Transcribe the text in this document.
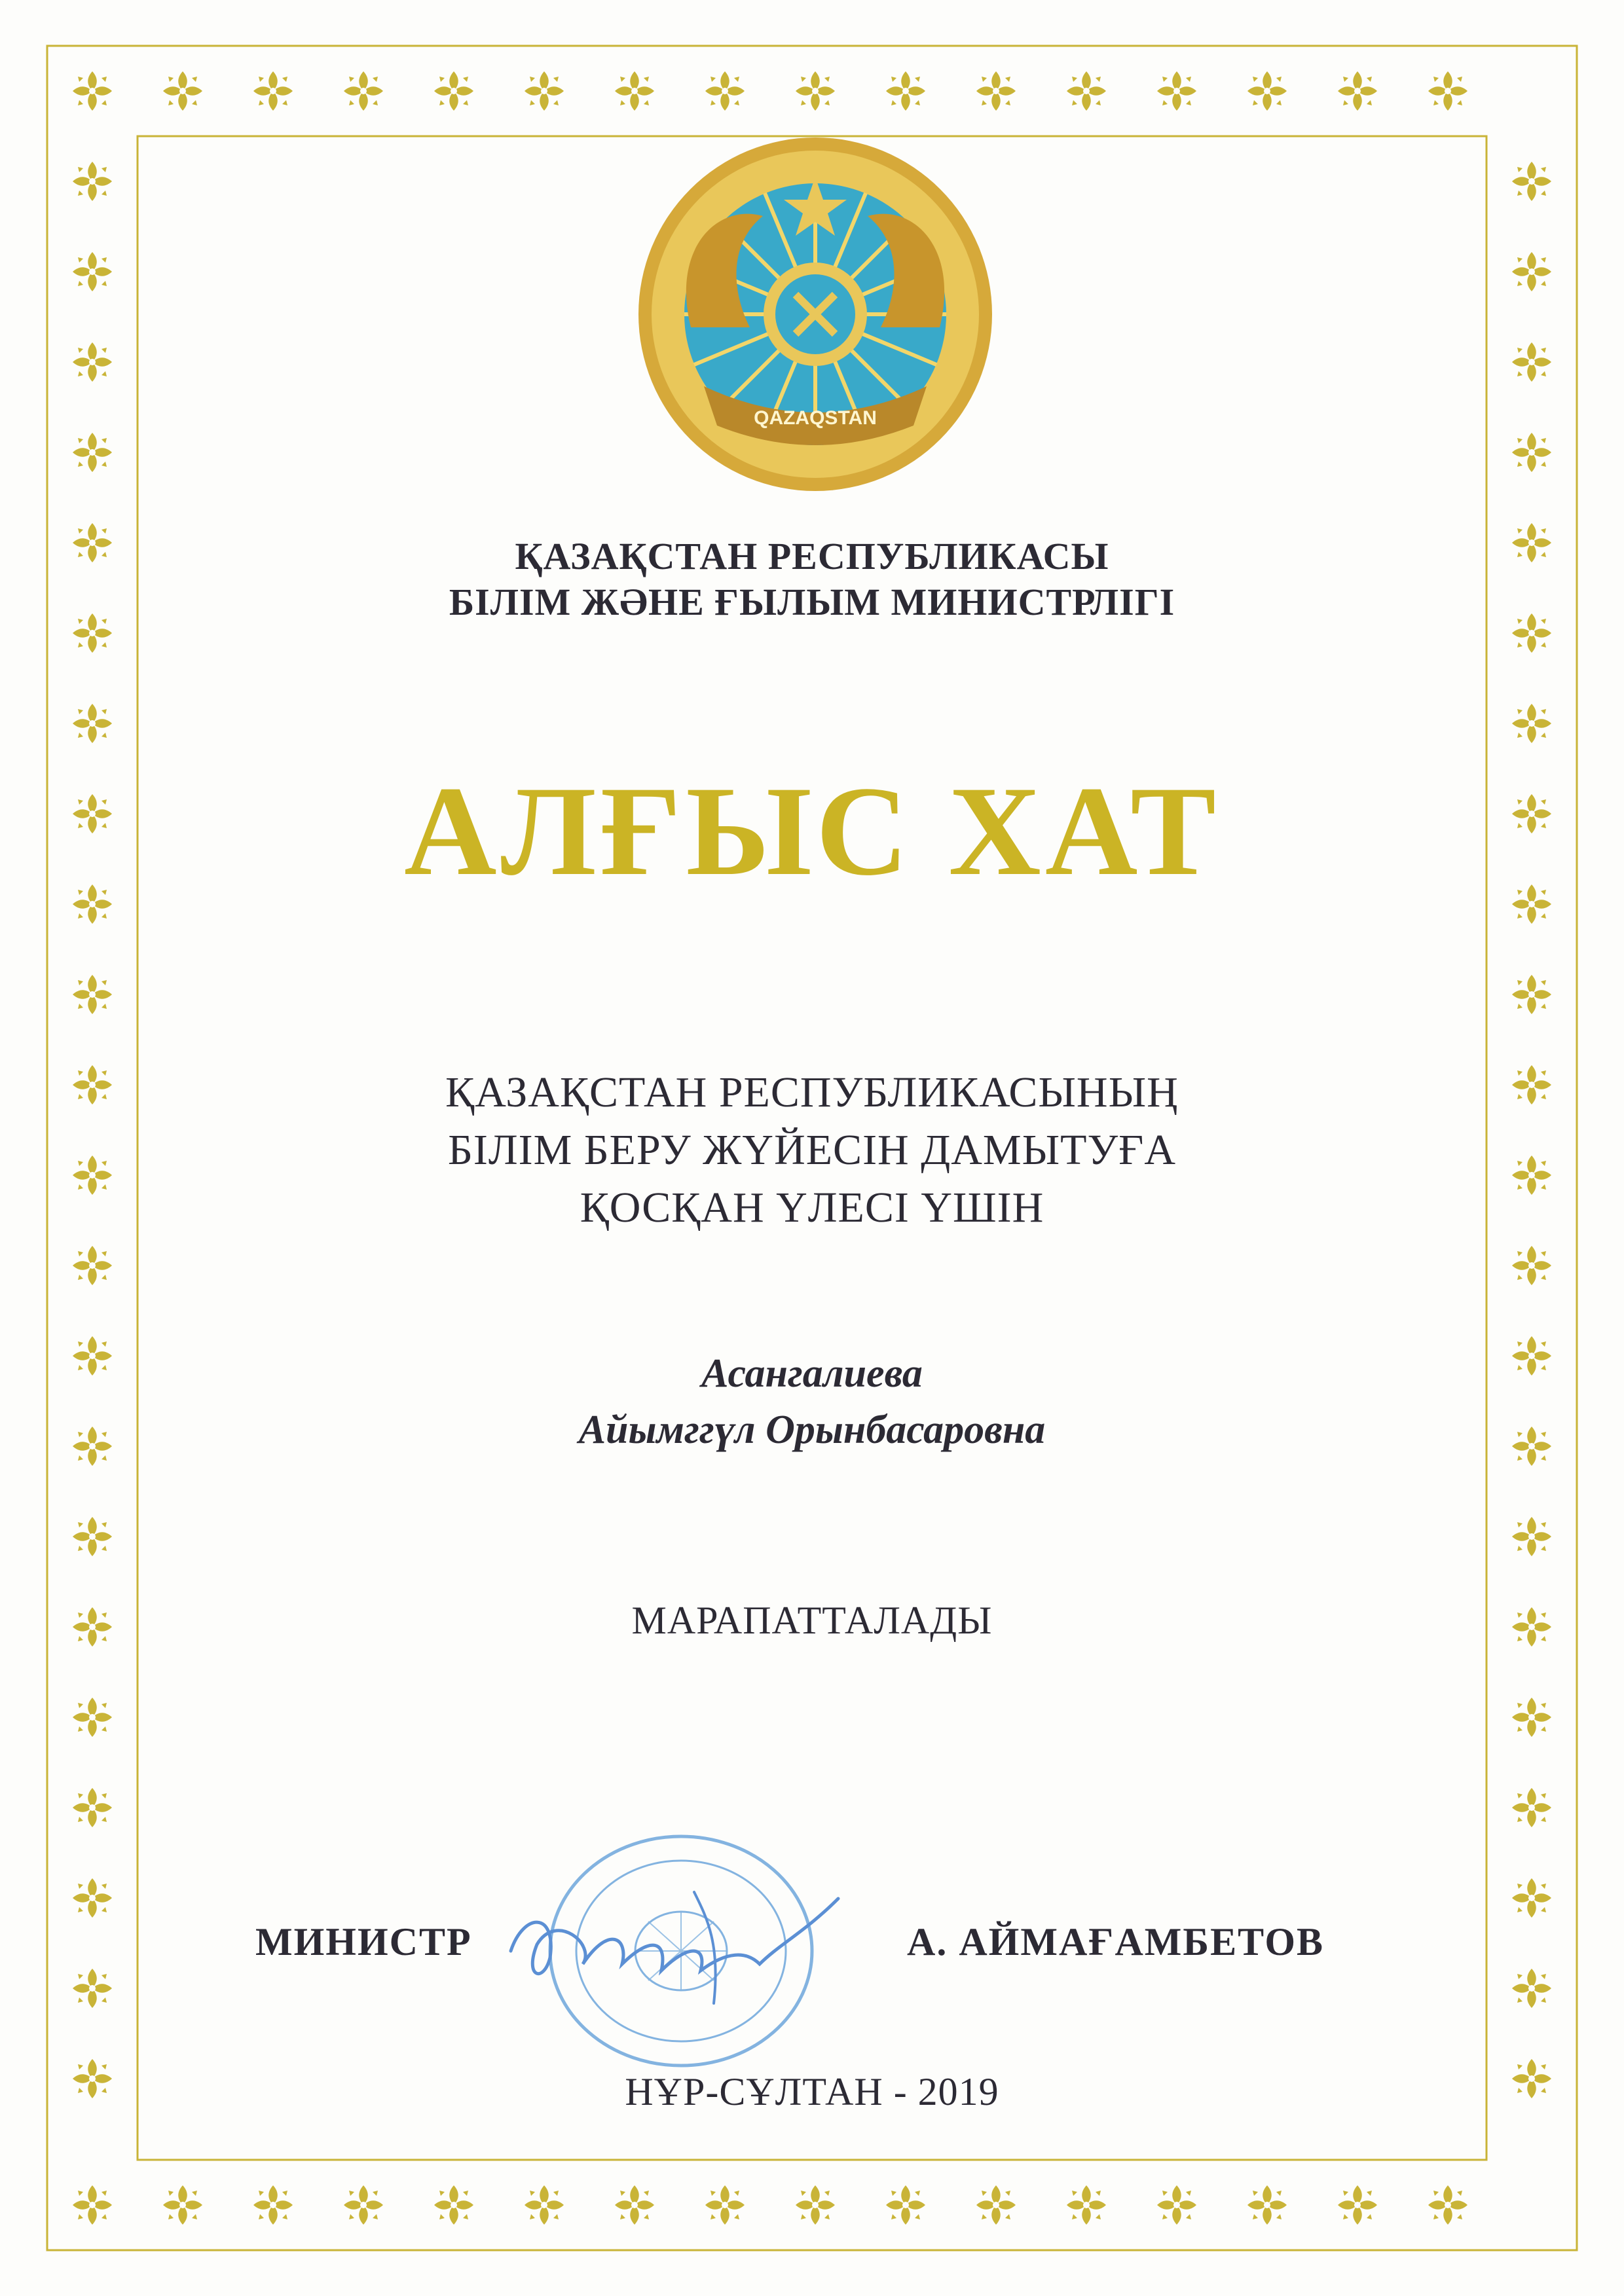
QAZAQSTAN
ҚАЗАҚСТАН РЕСПУБЛИКАСЫ
БІЛІМ ЖӘНЕ ҒЫЛЫМ МИНИСТРЛІГІ
АЛҒЫС ХАТ
ҚАЗАҚСТАН РЕСПУБЛИКАСЫНЫҢ
БІЛІМ БЕРУ ЖҮЙЕСІН ДАМЫТУҒА
ҚОСҚАН ҮЛЕСІ ҮШІН
Асангалиева
Айымггүл Орынбасаровна
МАРАПАТТАЛАДЫ
МИНИСТР	А. АЙМАҒАМБЕТОВ
НҰР-СҰЛТАН - 2019
